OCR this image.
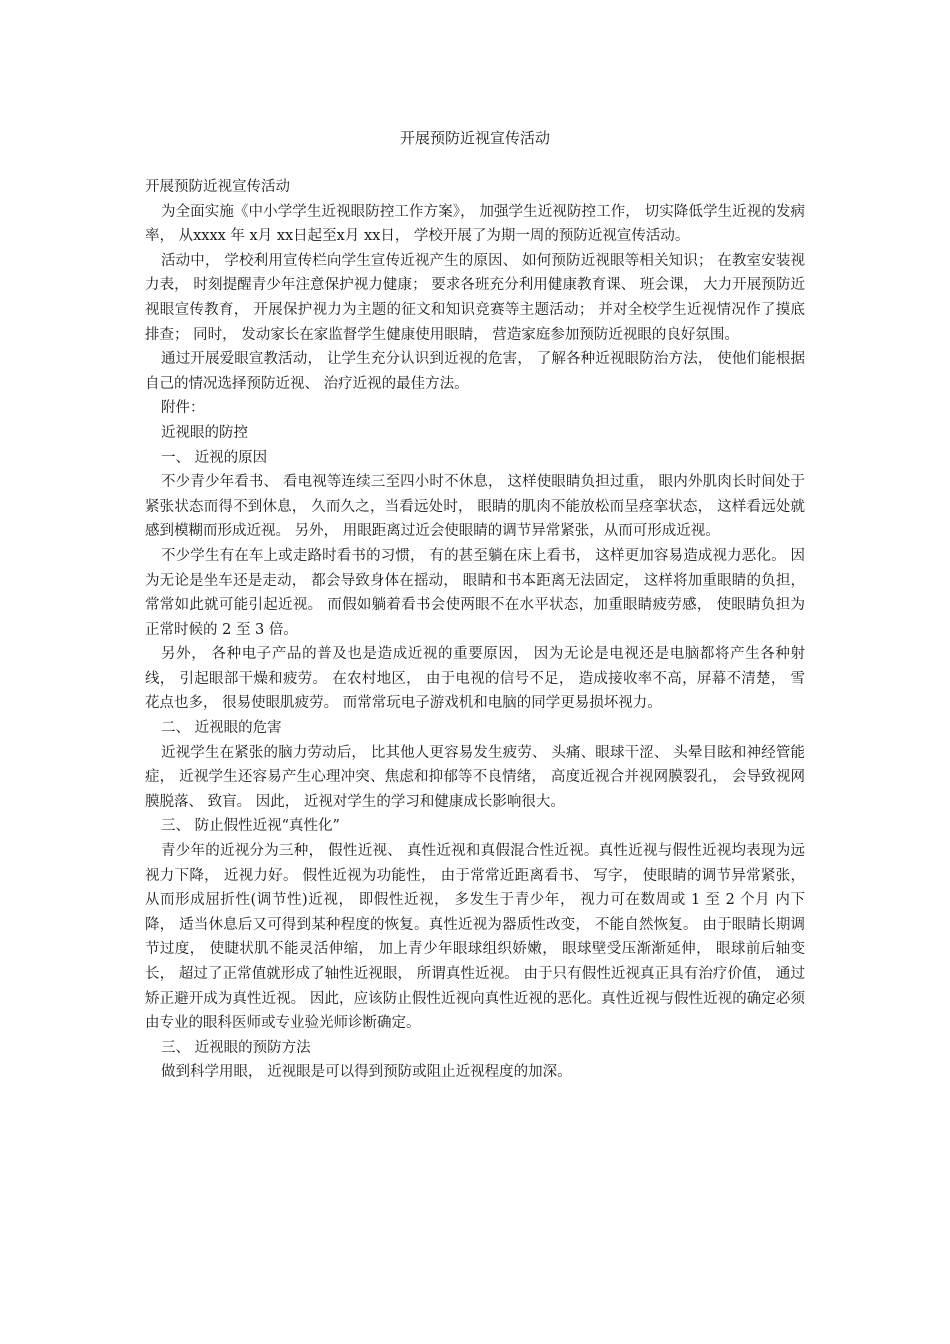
开展预防近视宣传活动

开展预防近视宣传活动

为全面实施《中小学学生近视眼防控工作方案》， 加强学生近视防控工作， 切实降低学生近视的发病率， 从xxxx 年 x月 xx日起至x月 xx日， 学校开展了为期一周的预防近视宣传活动。

活动中， 学校利用宣传栏向学生宣传近视产生的原因、 如何预防近视眼等相关知识； 在教室安装视力表， 时刻提醒青少年注意保护视力健康； 要求各班充分利用健康教育课、 班会课， 大力开展预防近视眼宣传教育， 开展保护视力为主题的征文和知识竞赛等主题活动； 并对全校学生近视情况作了摸底排查； 同时， 发动家长在家监督学生健康使用眼睛， 营造家庭参加预防近视眼的良好氛围。

通过开展爱眼宣教活动， 让学生充分认识到近视的危害， 了解各种近视眼防治方法， 使他们能根据自己的情况选择预防近视、 治疗近视的最佳方法。

附件：

近视眼的防控

一、 近视的原因

不少青少年看书、 看电视等连续三至四小时不休息， 这样使眼睛负担过重， 眼内外肌肉长时间处于紧张状态而得不到休息， 久而久之，当看远处时， 眼睛的肌肉不能放松而呈痉挛状态， 这样看远处就感到模糊而形成近视。 另外， 用眼距离过近会使眼睛的调节异常紧张，从而可形成近视。

不少学生有在车上或走路时看书的习惯， 有的甚至躺在床上看书， 这样更加容易造成视力恶化。 因为无论是坐车还是走动， 都会导致身体在摇动， 眼睛和书本距离无法固定， 这样将加重眼睛的负担，常常如此就可能引起近视。 而假如躺着看书会使两眼不在水平状态，加重眼睛疲劳感， 使眼睛负担为正常时候的 2 至 3 倍。

另外， 各种电子产品的普及也是造成近视的重要原因， 因为无论是电视还是电脑都将产生各种射线， 引起眼部干燥和疲劳。 在农村地区， 由于电视的信号不足， 造成接收率不高，屏幕不清楚， 雪花点也多， 很易使眼肌疲劳。 而常常玩电子游戏机和电脑的同学更易损坏视力。

二、 近视眼的危害

近视学生在紧张的脑力劳动后， 比其他人更容易发生疲劳、 头痛、眼球干涩、 头晕目眩和神经管能症， 近视学生还容易产生心理冲突、焦虑和抑郁等不良情绪， 高度近视合并视网膜裂孔， 会导致视网膜脱落、 致盲。 因此， 近视对学生的学习和健康成长影响很大。

三、 防止假性近视“真性化”

青少年的近视分为三种， 假性近视、 真性近视和真假混合性近视。真性近视与假性近视均表现为远视力下降， 近视力好。 假性近视为功能性， 由于常常近距离看书、 写字， 使眼睛的调节异常紧张， 从而形成屈折性(调节性)近视， 即假性近视， 多发生于青少年， 视力可在数周或 1 至 2 个月 内下降， 适当休息后又可得到某种程度的恢复。真性近视为器质性改变， 不能自然恢复。 由于眼睛长期调节过度， 使睫状肌不能灵活伸缩， 加上青少年眼球组织娇嫩， 眼球壁受压渐渐延伸， 眼球前后轴变长， 超过了正常值就形成了轴性近视眼， 所谓真性近视。 由于只有假性近视真正具有治疗价值， 通过矫正避开成为真性近视。 因此，应该防止假性近视向真性近视的恶化。真性近视与假性近视的确定必须由专业的眼科医师或专业验光师诊断确定。

三、 近视眼的预防方法

做到科学用眼， 近视眼是可以得到预防或阻止近视程度的加深。
